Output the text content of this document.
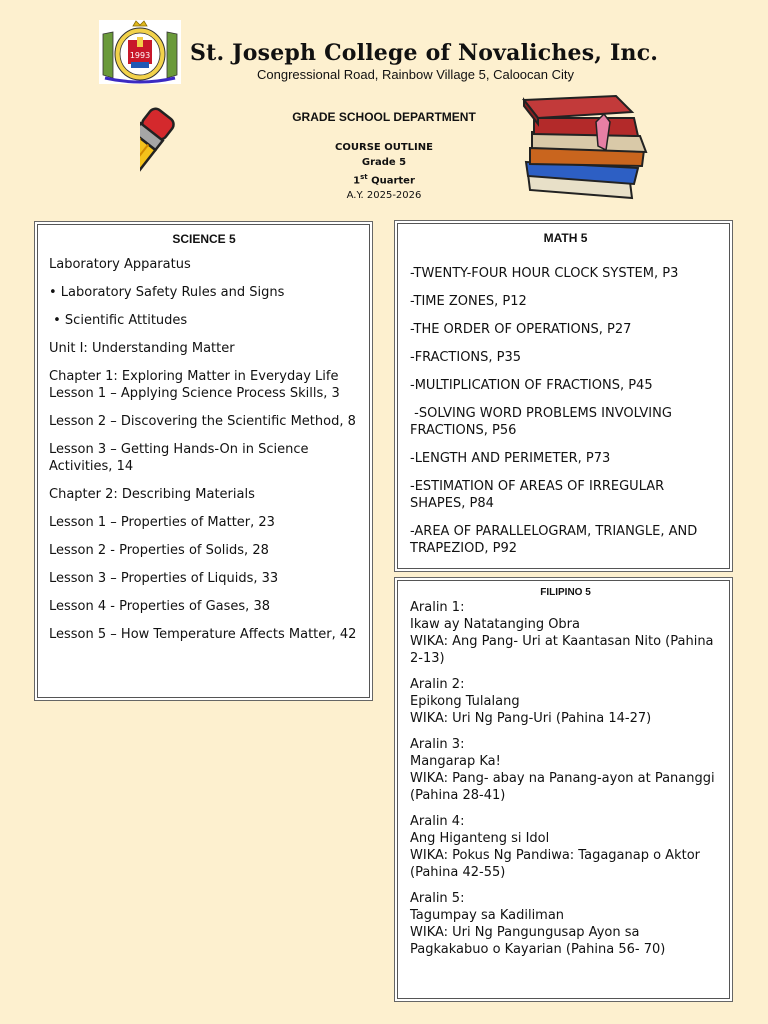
1993 St. Joseph College of Novaliches, Inc.
Congressional Road, Rainbow Village 5, Caloocan City
GRADE SCHOOL DEPARTMENT
COURSE OUTLINE
Grade 5
1st Quarter
A.Y. 2025-2026
SCIENCE 5

Laboratory Apparatus

• Laboratory Safety Rules and Signs

• Scientific Attitudes

Unit I: Understanding Matter

Chapter 1: Exploring Matter in Everyday Life
Lesson 1 – Applying Science Process Skills, 3

Lesson 2 – Discovering the Scientific Method, 8

Lesson 3 – Getting Hands-On in Science Activities, 14

Chapter 2: Describing Materials

Lesson 1 – Properties of Matter, 23

Lesson 2 - Properties of Solids, 28

Lesson 3 – Properties of Liquids, 33

Lesson 4 - Properties of Gases, 38

Lesson 5 – How Temperature Affects Matter, 42

MATH 5

-TWENTY-FOUR HOUR CLOCK SYSTEM, P3

-TIME ZONES, P12

-THE ORDER OF OPERATIONS, P27

-FRACTIONS, P35

-MULTIPLICATION OF FRACTIONS, P45

-SOLVING WORD PROBLEMS INVOLVING FRACTIONS, P56

-LENGTH AND PERIMETER, P73

-ESTIMATION OF AREAS OF IRREGULAR SHAPES, P84

-AREA OF PARALLELOGRAM, TRIANGLE, AND TRAPEZIOD, P92

FILIPINO 5

Aralin 1:
Ikaw ay Natatanging Obra
WIKA: Ang Pang- Uri at Kaantasan Nito (Pahina 2-13)

Aralin 2:
Epikong Tulalang
WIKA: Uri Ng Pang-Uri (Pahina 14-27)

Aralin 3:
Mangarap Ka!
WIKA: Pang- abay na Panang-ayon at Pananggi (Pahina 28-41)

Aralin 4:
Ang Higanteng si Idol
WIKA: Pokus Ng Pandiwa: Tagaganap o Aktor (Pahina 42-55)

Aralin 5:
Tagumpay sa Kadiliman
WIKA: Uri Ng Pangungusap Ayon sa Pagkakabuo o Kayarian (Pahina 56- 70)
